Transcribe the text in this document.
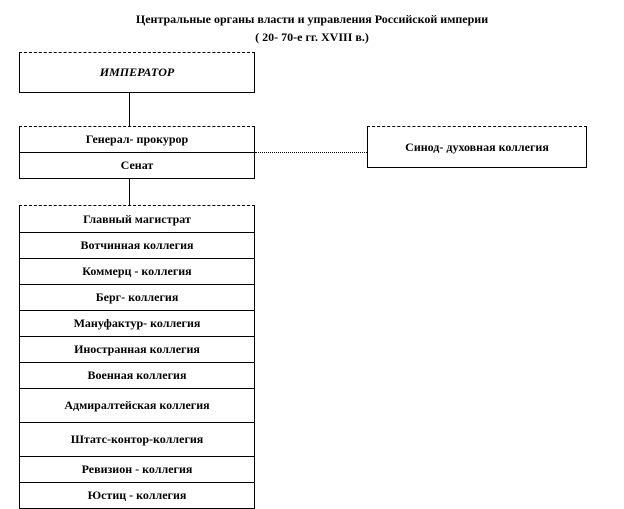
Центральные органы власти и управления Российской империи
( 20- 70-е гг. XVIII в.)
ИМПЕРАТОР
Генерал- прокурор
Сенат
Синод- духовная коллегия
Главный магистрат
Вотчинная коллегия
Коммерц - коллегия
Берг- коллегия
Мануфактур- коллегия
Иностранная коллегия
Военная коллегия
Адмиралтейская коллегия
Штатс-контор-коллегия
Ревизион - коллегия
Юстиц - коллегия
